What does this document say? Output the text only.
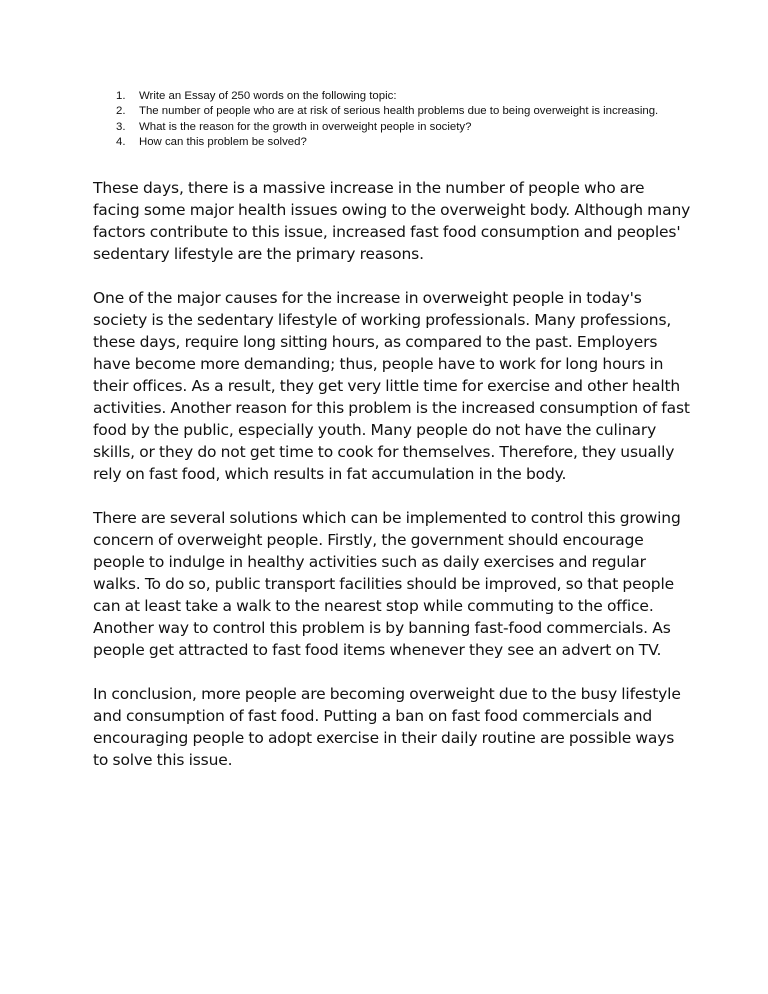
1.	Write an Essay of 250 words on the following topic:
2.	The number of people who are at risk of serious health problems due to being overweight is increasing.
3.	What is the reason for the growth in overweight people in society?
4.	How can this problem be solved?

These days, there is a massive increase in the number of people who are facing some major health issues owing to the overweight body. Although many factors contribute to this issue, increased fast food consumption and peoples' sedentary lifestyle are the primary reasons.

One of the major causes for the increase in overweight people in today's society is the sedentary lifestyle of working professionals. Many professions, these days, require long sitting hours, as compared to the past. Employers have become more demanding; thus, people have to work for long hours in their offices. As a result, they get very little time for exercise and other health activities. Another reason for this problem is the increased consumption of fast food by the public, especially youth. Many people do not have the culinary skills, or they do not get time to cook for themselves. Therefore, they usually rely on fast food, which results in fat accumulation in the body.

There are several solutions which can be implemented to control this growing concern of overweight people. Firstly, the government should encourage people to indulge in healthy activities such as daily exercises and regular walks. To do so, public transport facilities should be improved, so that people can at least take a walk to the nearest stop while commuting to the office. Another way to control this problem is by banning fast-food commercials. As people get attracted to fast food items whenever they see an advert on TV.

In conclusion, more people are becoming overweight due to the busy lifestyle and consumption of fast food. Putting a ban on fast food commercials and encouraging people to adopt exercise in their daily routine are possible ways to solve this issue.
